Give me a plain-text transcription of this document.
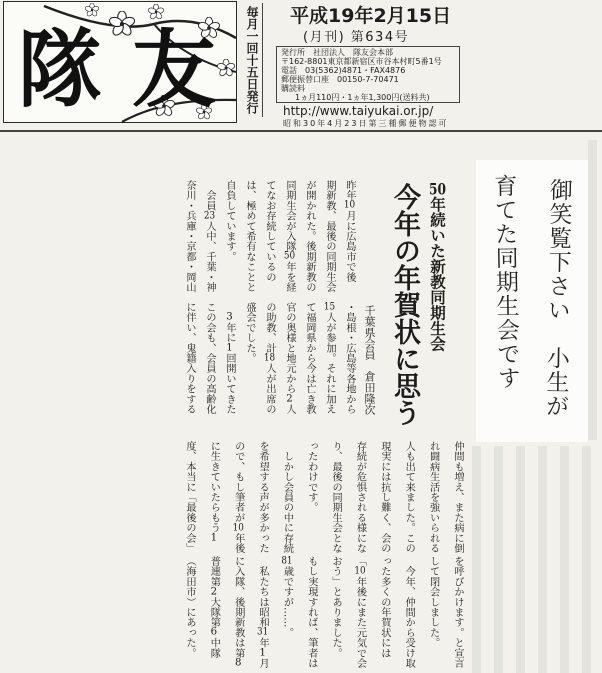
隊 友 毎月一回十五日発行 平成19年2月15日
(月刊) 第634号
発行所　社団法人　隊友会本部
〒162-8801東京都新宿区市谷本村町5番1号
電話　03(5362)4871・FAX4876
郵便振替口座　00150-7-70471
購読料
1ヵ月110円・1ヵ年1,300円(送料共)
http://www.taiyukai.or.jp/
昭和30年4月23日第三種郵便物認可
50年続いた新教同期生会
今年の年賀状に思う
千葉県会員　倉田隆次
昨年10月に広島市で後
期新教、最後の同期生会
が開かれた。後期新教の
同期生会が入隊50年を経
てなお存続しているの
は、極めて希有なことと
自負しています。
　会員23人中、千葉・神
奈川・兵庫・京都・岡山
・島根・広島等各地から
15人が参加。それに加え
て福岡県から今は亡き教
官の奥様と地元から2人
の助教、計18人が出席の
盛会でした。
　3年に1回開いてきた
この会も、会員の高齢化
に伴い、鬼籍入りをする
仲間も増え、また病に倒
れ闘病生活を強いられる
人も出て来ました。この
現実には抗し難く、会の
存続が危惧される様にな
り、最後の同期生会とな
ったわけです。
　しかし会員の中に存続
を希望する声が多かった
ので、もし筆者が10年後
に生きていたらもう1
度、本当に「最後の会」
を呼びかけます。と宣言
して閉会しました。
　今年、仲間から受け取
った多くの年賀状には
「10年後にまた元気で会
おう」とありました。
もし実現すれば、筆者は
81歳ですが……。
　私たちは昭和31年1月
に入隊、後期新教は第8
普連第2大隊第6中隊
（海田市）にあった。
御笑覧下さい　小生が
育てた同期生会です
